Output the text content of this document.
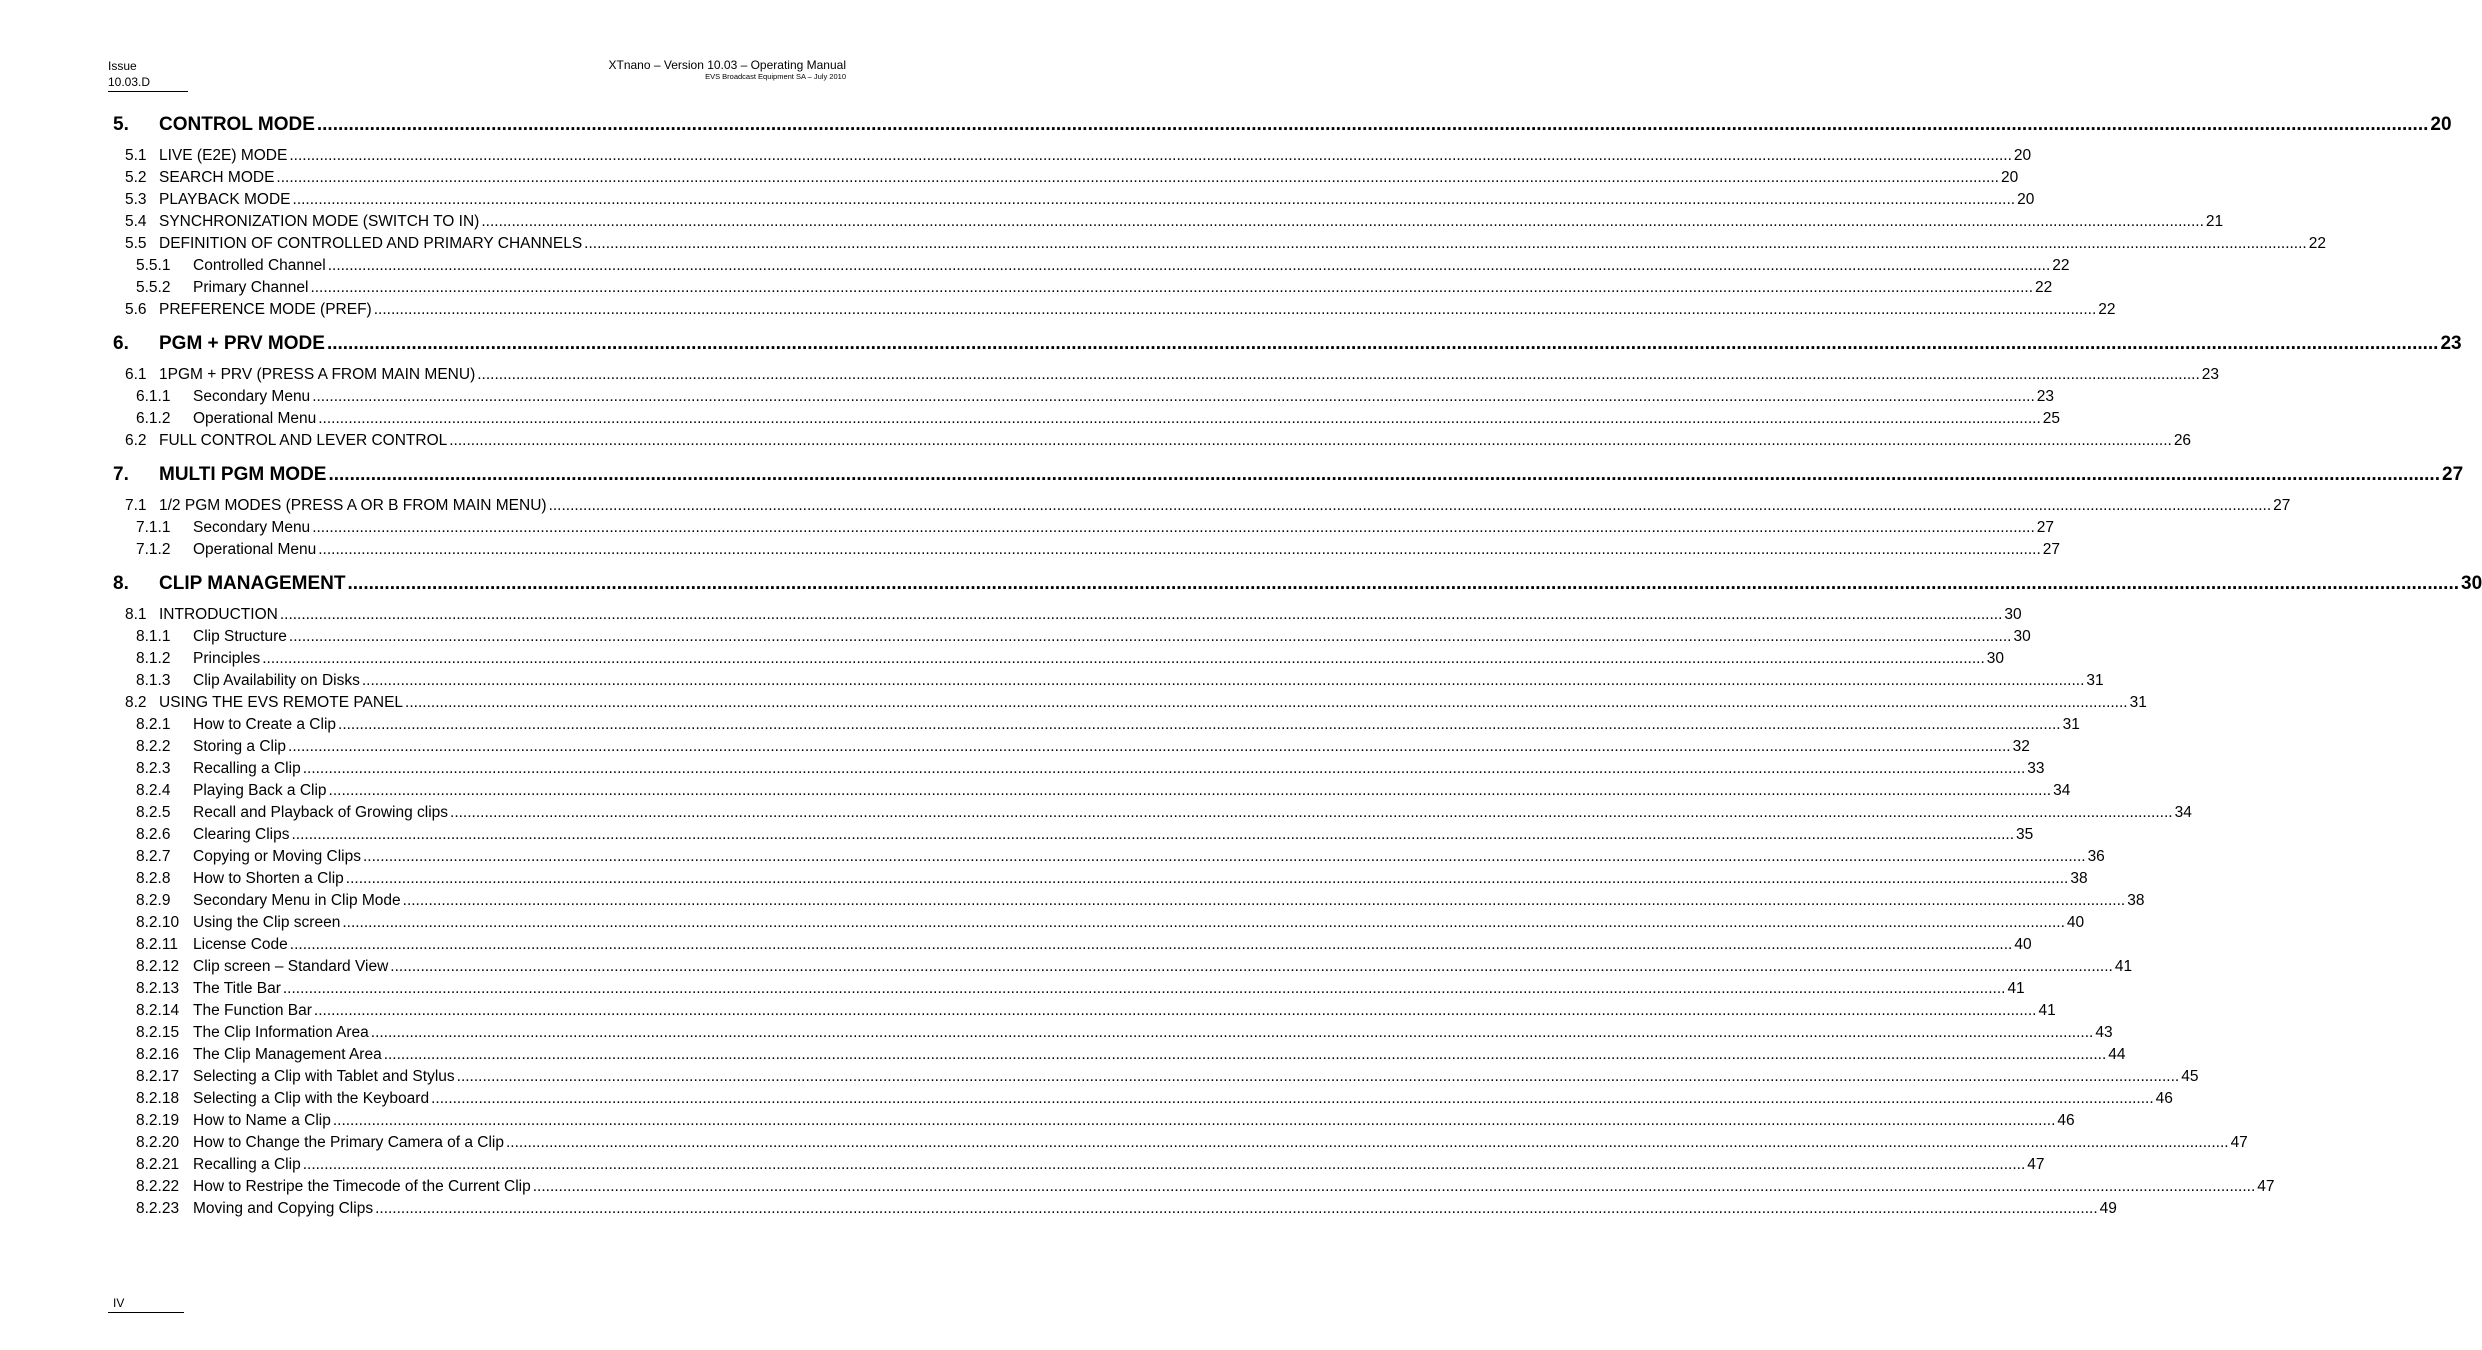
Issue
10.03.D
XTnano – Version 10.03 – Operating Manual
EVS Broadcast Equipment SA – July 2010
5.	CONTROL MODE ................................................................................................................................................................................................................................................................................................................................................................................................................ 20
5.1 LIVE (E2E) MODE ................................................................................................................................................................................................................................................................................................................................................................................................................ 20
5.2 SEARCH MODE ................................................................................................................................................................................................................................................................................................................................................................................................................ 20
5.3 PLAYBACK MODE ................................................................................................................................................................................................................................................................................................................................................................................................................ 20
5.4 SYNCHRONIZATION MODE (SWITCH TO IN) ................................................................................................................................................................................................................................................................................................................................................................................................................ 21
5.5 DEFINITION OF CONTROLLED AND PRIMARY CHANNELS ................................................................................................................................................................................................................................................................................................................................................................................................................ 22
5.5.1	Controlled Channel ................................................................................................................................................................................................................................................................................................................................................................................................................ 22
5.5.2	Primary Channel ................................................................................................................................................................................................................................................................................................................................................................................................................ 22
5.6 PREFERENCE MODE (PREF) ................................................................................................................................................................................................................................................................................................................................................................................................................ 22
6.	PGM + PRV MODE ................................................................................................................................................................................................................................................................................................................................................................................................................ 23
6.1 1PGM + PRV (PRESS A FROM MAIN MENU) ................................................................................................................................................................................................................................................................................................................................................................................................................ 23
6.1.1	Secondary Menu ................................................................................................................................................................................................................................................................................................................................................................................................................ 23
6.1.2	Operational Menu ................................................................................................................................................................................................................................................................................................................................................................................................................ 25
6.2 FULL CONTROL AND LEVER CONTROL ................................................................................................................................................................................................................................................................................................................................................................................................................ 26
7.	MULTI PGM MODE ................................................................................................................................................................................................................................................................................................................................................................................................................ 27
7.1 1/2 PGM MODES (PRESS A OR B FROM MAIN MENU) ................................................................................................................................................................................................................................................................................................................................................................................................................ 27
7.1.1	Secondary Menu ................................................................................................................................................................................................................................................................................................................................................................................................................ 27
7.1.2	Operational Menu ................................................................................................................................................................................................................................................................................................................................................................................................................ 27
8.	CLIP MANAGEMENT ................................................................................................................................................................................................................................................................................................................................................................................................................ 30
8.1 INTRODUCTION ................................................................................................................................................................................................................................................................................................................................................................................................................ 30
8.1.1	Clip Structure ................................................................................................................................................................................................................................................................................................................................................................................................................ 30
8.1.2	Principles ................................................................................................................................................................................................................................................................................................................................................................................................................ 30
8.1.3	Clip Availability on Disks ................................................................................................................................................................................................................................................................................................................................................................................................................ 31
8.2 USING THE EVS REMOTE PANEL ................................................................................................................................................................................................................................................................................................................................................................................................................ 31
8.2.1	How to Create a Clip ................................................................................................................................................................................................................................................................................................................................................................................................................ 31
8.2.2	Storing a Clip ................................................................................................................................................................................................................................................................................................................................................................................................................ 32
8.2.3	Recalling a Clip ................................................................................................................................................................................................................................................................................................................................................................................................................ 33
8.2.4	Playing Back a Clip ................................................................................................................................................................................................................................................................................................................................................................................................................ 34
8.2.5	Recall and Playback of Growing clips ................................................................................................................................................................................................................................................................................................................................................................................................................ 34
8.2.6	Clearing Clips ................................................................................................................................................................................................................................................................................................................................................................................................................ 35
8.2.7	Copying or Moving Clips ................................................................................................................................................................................................................................................................................................................................................................................................................ 36
8.2.8	How to Shorten a Clip ................................................................................................................................................................................................................................................................................................................................................................................................................ 38
8.2.9	Secondary Menu in Clip Mode ................................................................................................................................................................................................................................................................................................................................................................................................................ 38
8.2.10 Using the Clip screen ................................................................................................................................................................................................................................................................................................................................................................................................................ 40
8.2.11 License Code ................................................................................................................................................................................................................................................................................................................................................................................................................ 40
8.2.12 Clip screen – Standard View ................................................................................................................................................................................................................................................................................................................................................................................................................ 41
8.2.13 The Title Bar ................................................................................................................................................................................................................................................................................................................................................................................................................ 41
8.2.14 The Function Bar ................................................................................................................................................................................................................................................................................................................................................................................................................ 41
8.2.15 The Clip Information Area ................................................................................................................................................................................................................................................................................................................................................................................................................ 43
8.2.16 The Clip Management Area ................................................................................................................................................................................................................................................................................................................................................................................................................ 44
8.2.17 Selecting a Clip with Tablet and Stylus ................................................................................................................................................................................................................................................................................................................................................................................................................ 45
8.2.18 Selecting a Clip with the Keyboard ................................................................................................................................................................................................................................................................................................................................................................................................................ 46
8.2.19 How to Name a Clip ................................................................................................................................................................................................................................................................................................................................................................................................................ 46
8.2.20 How to Change the Primary Camera of a Clip ................................................................................................................................................................................................................................................................................................................................................................................................................ 47
8.2.21 Recalling a Clip ................................................................................................................................................................................................................................................................................................................................................................................................................ 47
8.2.22 How to Restripe the Timecode of the Current Clip ................................................................................................................................................................................................................................................................................................................................................................................................................ 47
8.2.23 Moving and Copying Clips ................................................................................................................................................................................................................................................................................................................................................................................................................ 49
IV
